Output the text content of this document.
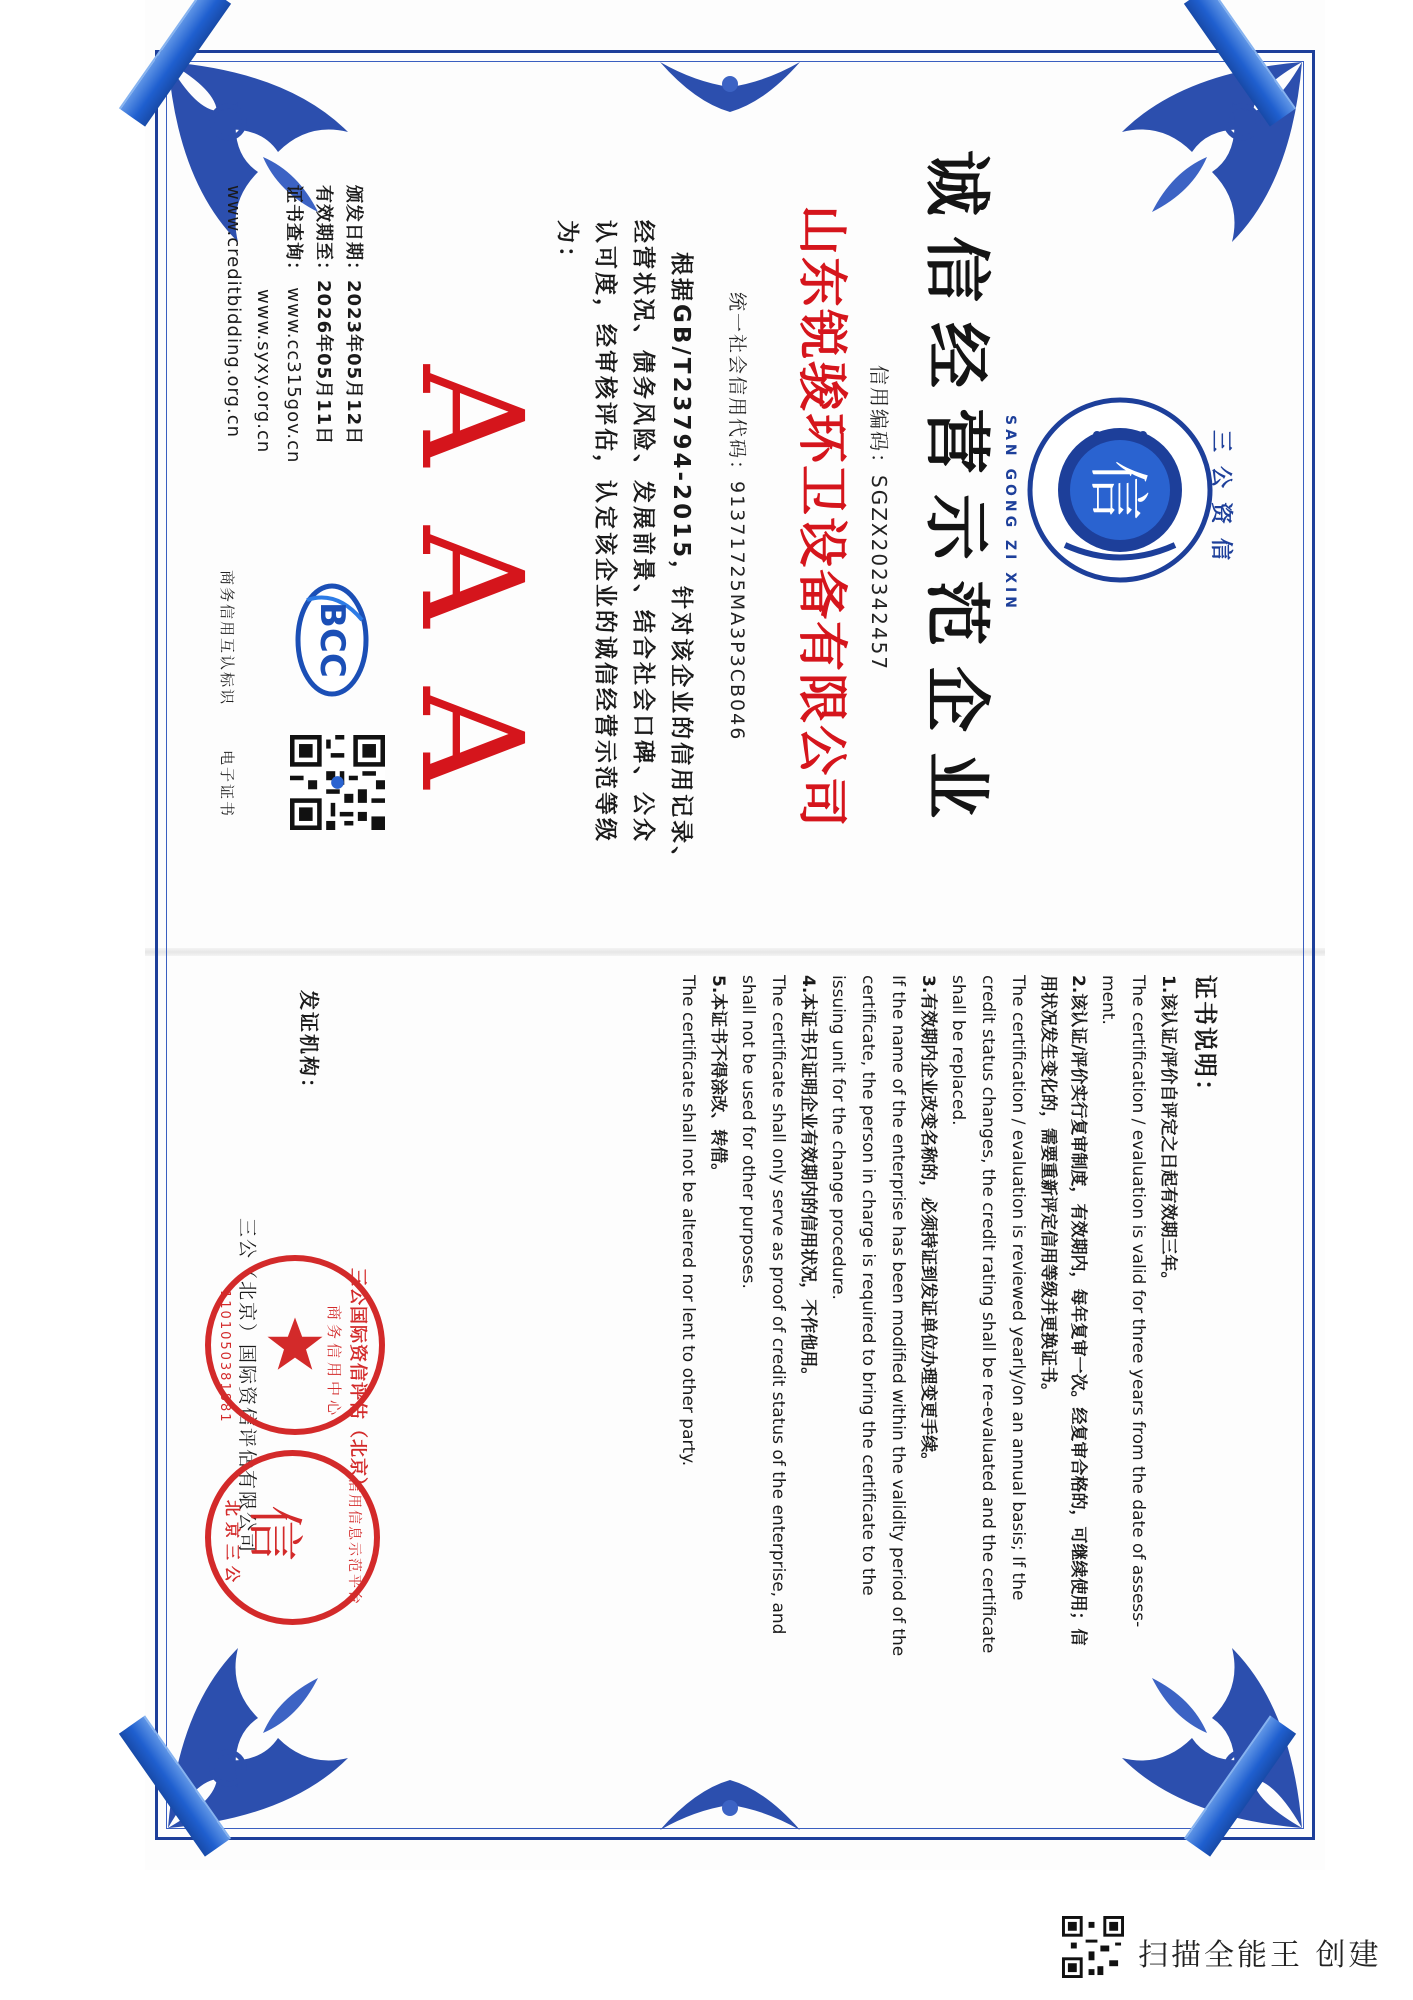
诚信经营示范企业 信	三公资信
SAN GONG ZI XIN
信用编码：SGZX202342457
山东锐骏环卫设备有限公司
统一社会信用代码：91371725MA3P3CB046
根据GB/T23794-2015，针对该企业的信用记录、
经营状况、债务风险、发展前景、结合社会口碑、公众
认可度，经审核评估，认定该企业的诚信经营示范等级
为：
AAA
颁发日期：2023年05月12日
有效期至：2026年05月11日
证书查询： www.cc315gov.cn
www.syxy.org.cn
www.creditbidding.org.cn
BCC
商务信用互认标识
电子证书
证书说明：
1.该认证/评价自评定之日起有效期三年。
The certification / evaluation is valid for three years from the date of assess-
ment.
2.该认证/评价实行复审制度，有效期内，每年复审一次。经复审合格的，可继续使用；信
用状况发生变化的，需要重新评定信用等级并更换证书。
The certification / evaluation is reviewed yearly/on an annual basis; If the
credit status changes, the credit rating shall be re-evaluated and the certificate
shall be replaced.
3.有效期内企业改变名称的，必须持证到发证单位办理变更手续。
If the name of the enterprise has been modified within the validity period of the
certificate, the person in charge is required to bring the certificate to the
issuing unit for the change procedure.
4.本证书只证明企业有效期内的信用状况，不作他用。
The certificate shall only serve as proof of credit status of the enterprise, and
shall not be used for other purposes.
5.本证书不得涂改、转借。
The certificate shall not be altered nor lent to other party.
发证机构：
三公（北京）国际资信评估有限公司	三公国际资信评估（北京）
商务信用中心
1101050381881
信	信用信息示范平台
北京三公
扫描全能王 创建
